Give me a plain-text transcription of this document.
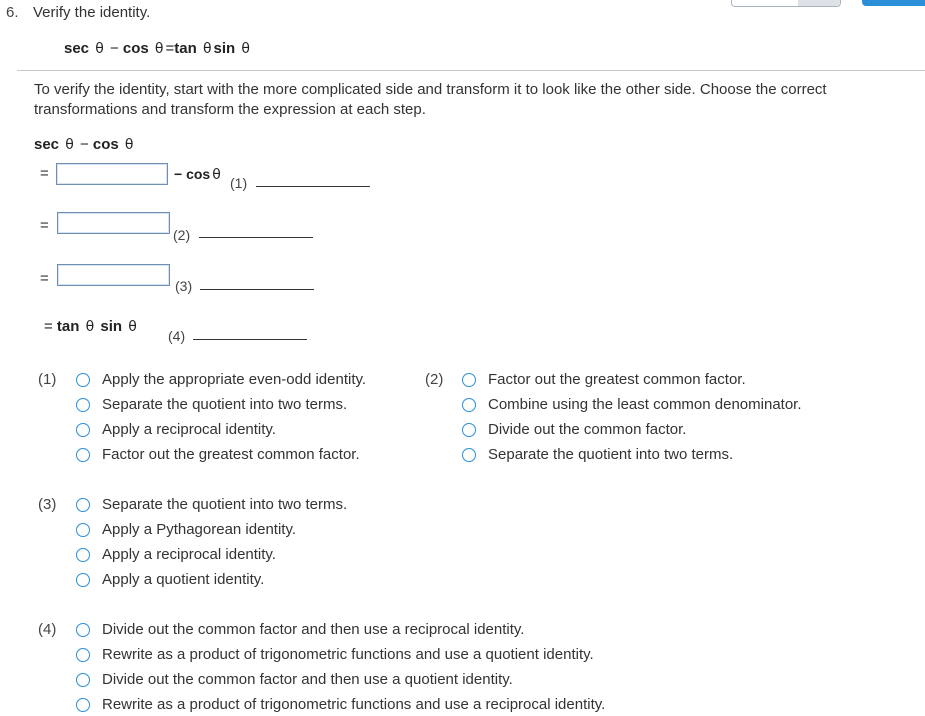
6. Verify the identity.
sec θ − cos θ =tan θ sin θ
To verify the identity, start with the more complicated side and transform it to look like the other side. Choose the correct transformations and transform the expression at each step.
sec θ − cos θ
=	− cos θ (1)
=
(2)
=	(3)
= tan θ sin θ
(4)
(1)	Apply the appropriate even-odd identity.
Separate the quotient into two terms.
Apply a reciprocal identity.
Factor out the greatest common factor.
(2)	Factor out the greatest common factor.
Combine using the least common denominator.
Divide out the common factor.
Separate the quotient into two terms.
(3)	Separate the quotient into two terms.
Apply a Pythagorean identity.
Apply a reciprocal identity.
Apply a quotient identity.
(4)	Divide out the common factor and then use a reciprocal identity.
Rewrite as a product of trigonometric functions and use a quotient identity.
Divide out the common factor and then use a quotient identity.
Rewrite as a product of trigonometric functions and use a reciprocal identity.
